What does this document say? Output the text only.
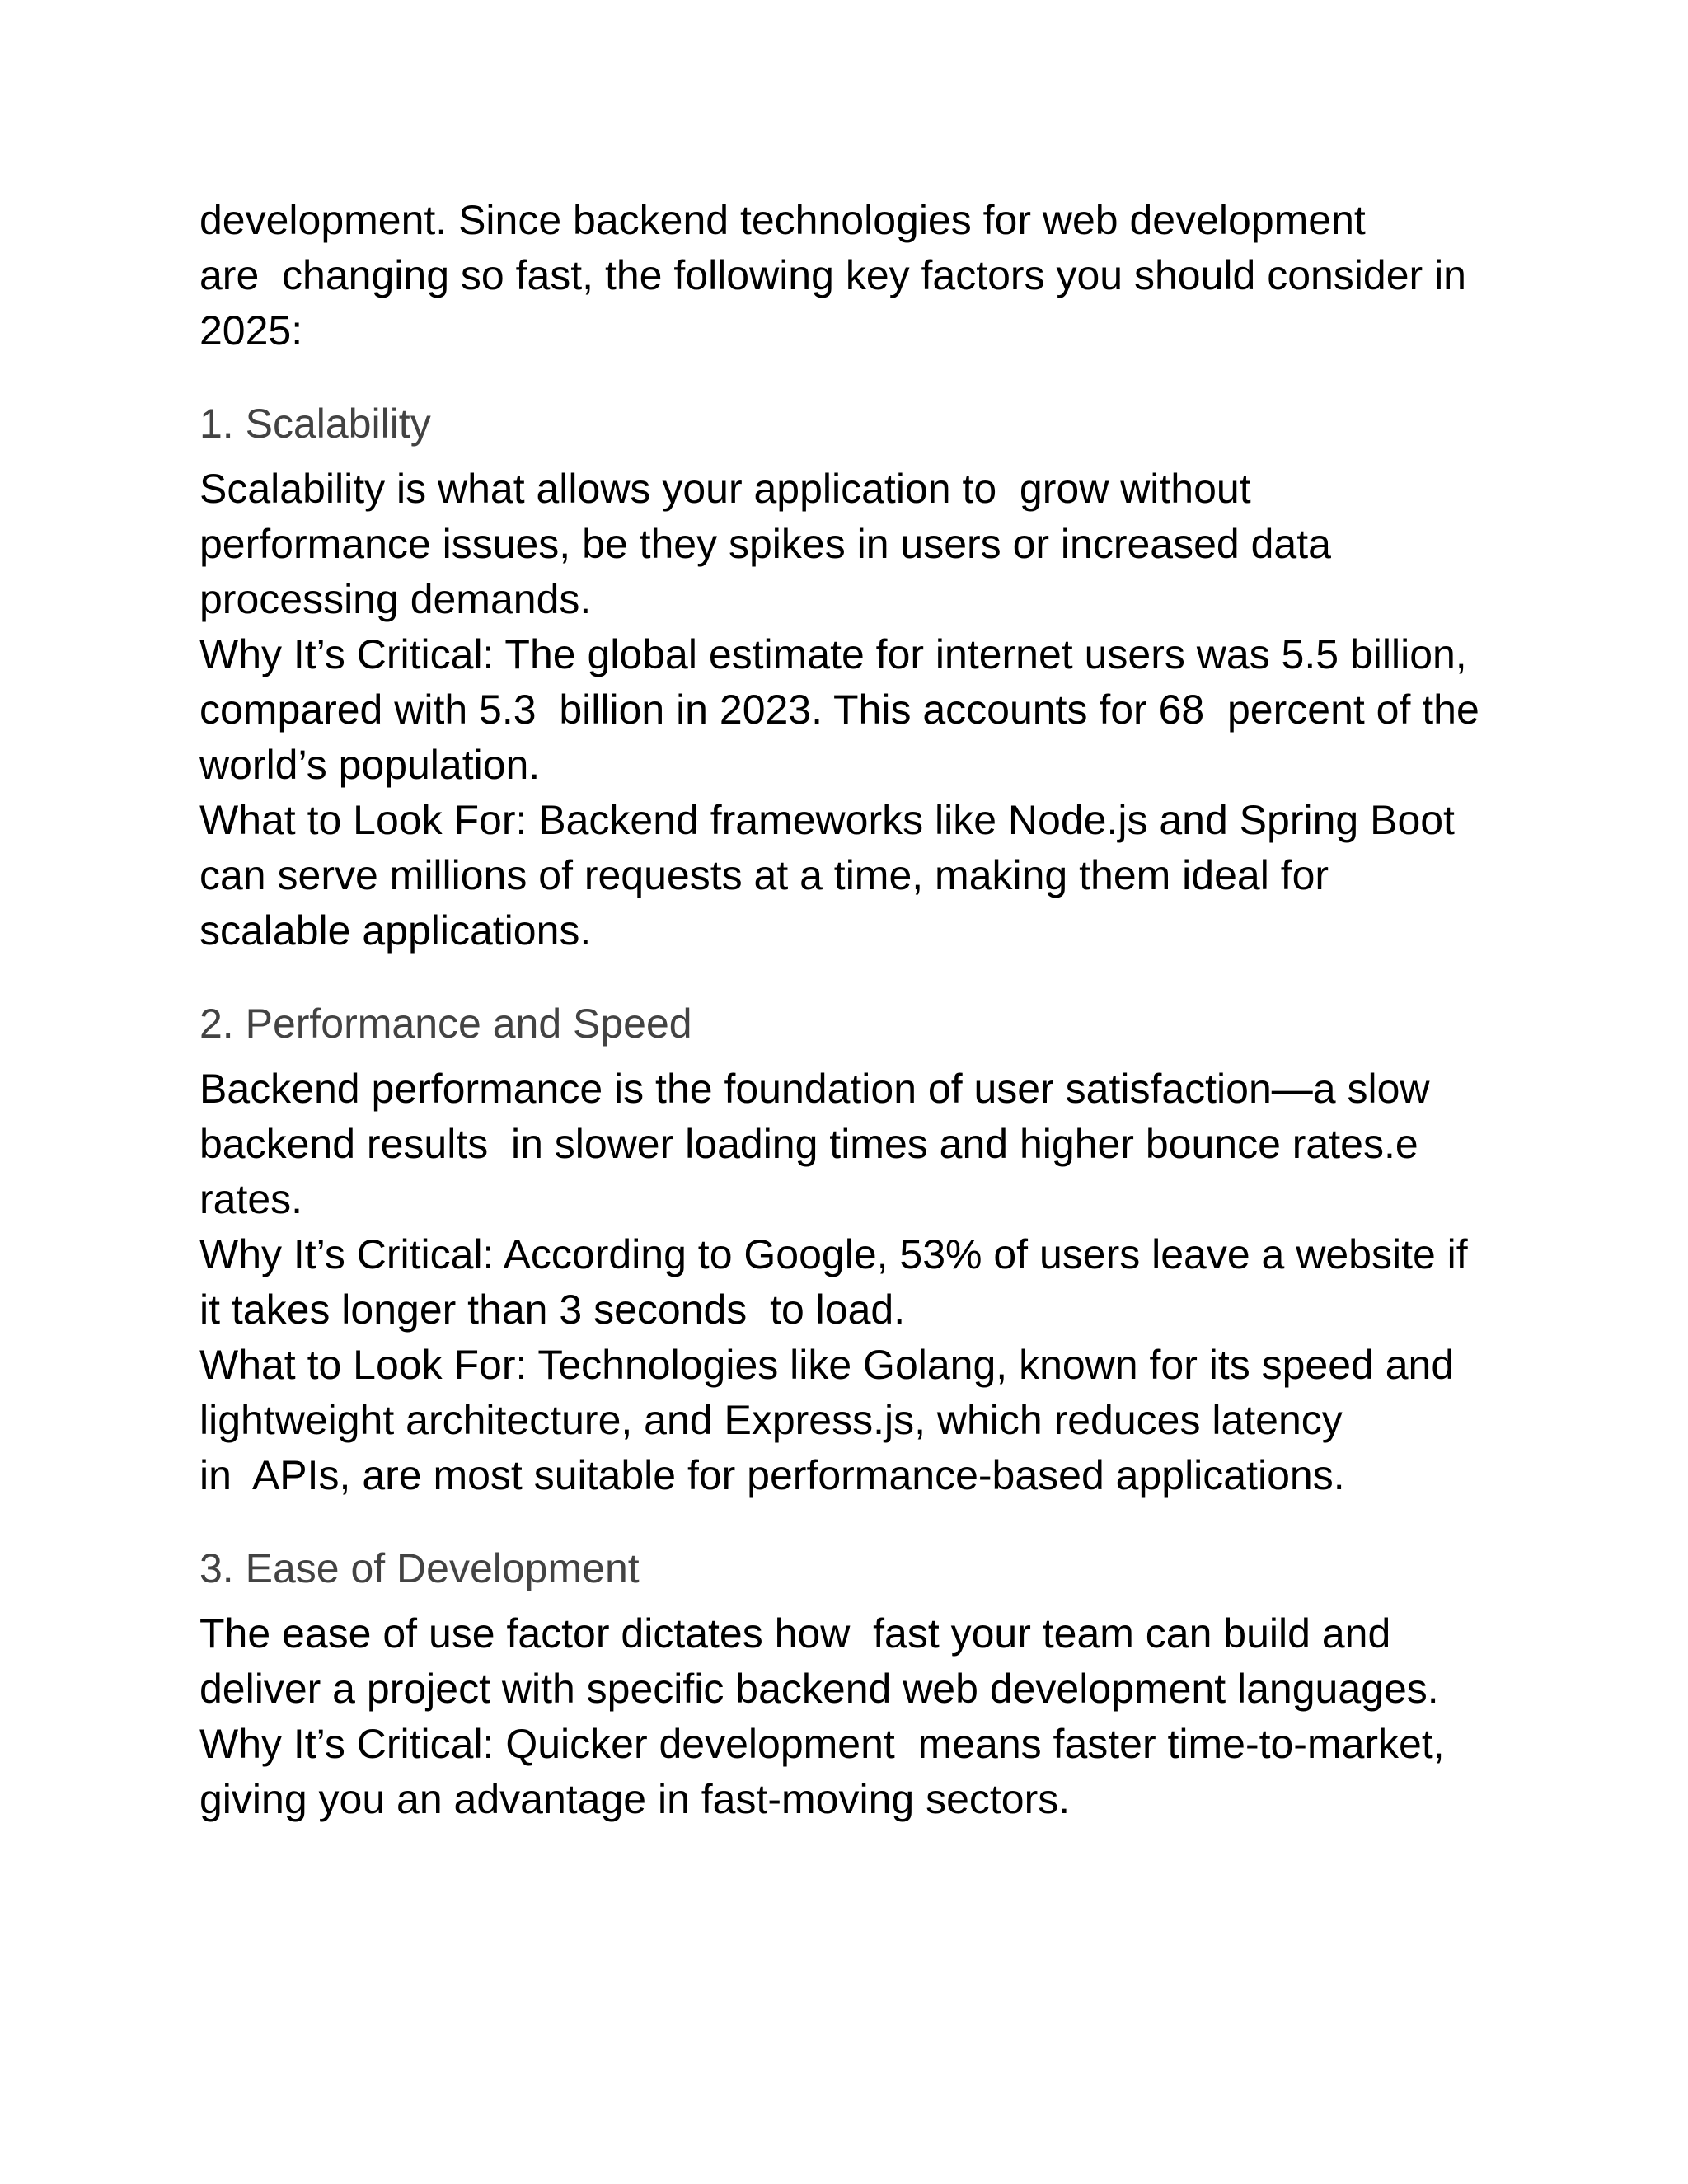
development. Since backend technologies for web development

are  changing so fast, the following key factors you should consider in

2025:

1. Scalability

Scalability is what allows your application to  grow without

performance issues, be they spikes in users or increased data

processing demands.

Why It’s Critical: The global estimate for internet users was 5.5 billion,

compared with 5.3  billion in 2023. This accounts for 68  percent of the

world’s population.

What to Look For: Backend frameworks like Node.js and Spring Boot

can serve millions of requests at a time, making them ideal for

scalable applications.

2. Performance and Speed

Backend performance is the foundation of user satisfaction—a slow

backend results  in slower loading times and higher bounce rates.e

rates.

Why It’s Critical: According to Google, 53% of users leave a website if

it takes longer than 3 seconds  to load.

What to Look For: Technologies like Golang, known for its speed and

lightweight architecture, and Express.js, which reduces latency

in  APIs, are most suitable for performance-based applications.

3. Ease of Development

The ease of use factor dictates how  fast your team can build and

deliver a project with specific backend web development languages.

Why It’s Critical: Quicker development  means faster time-to-market,

giving you an advantage in fast-moving sectors.
